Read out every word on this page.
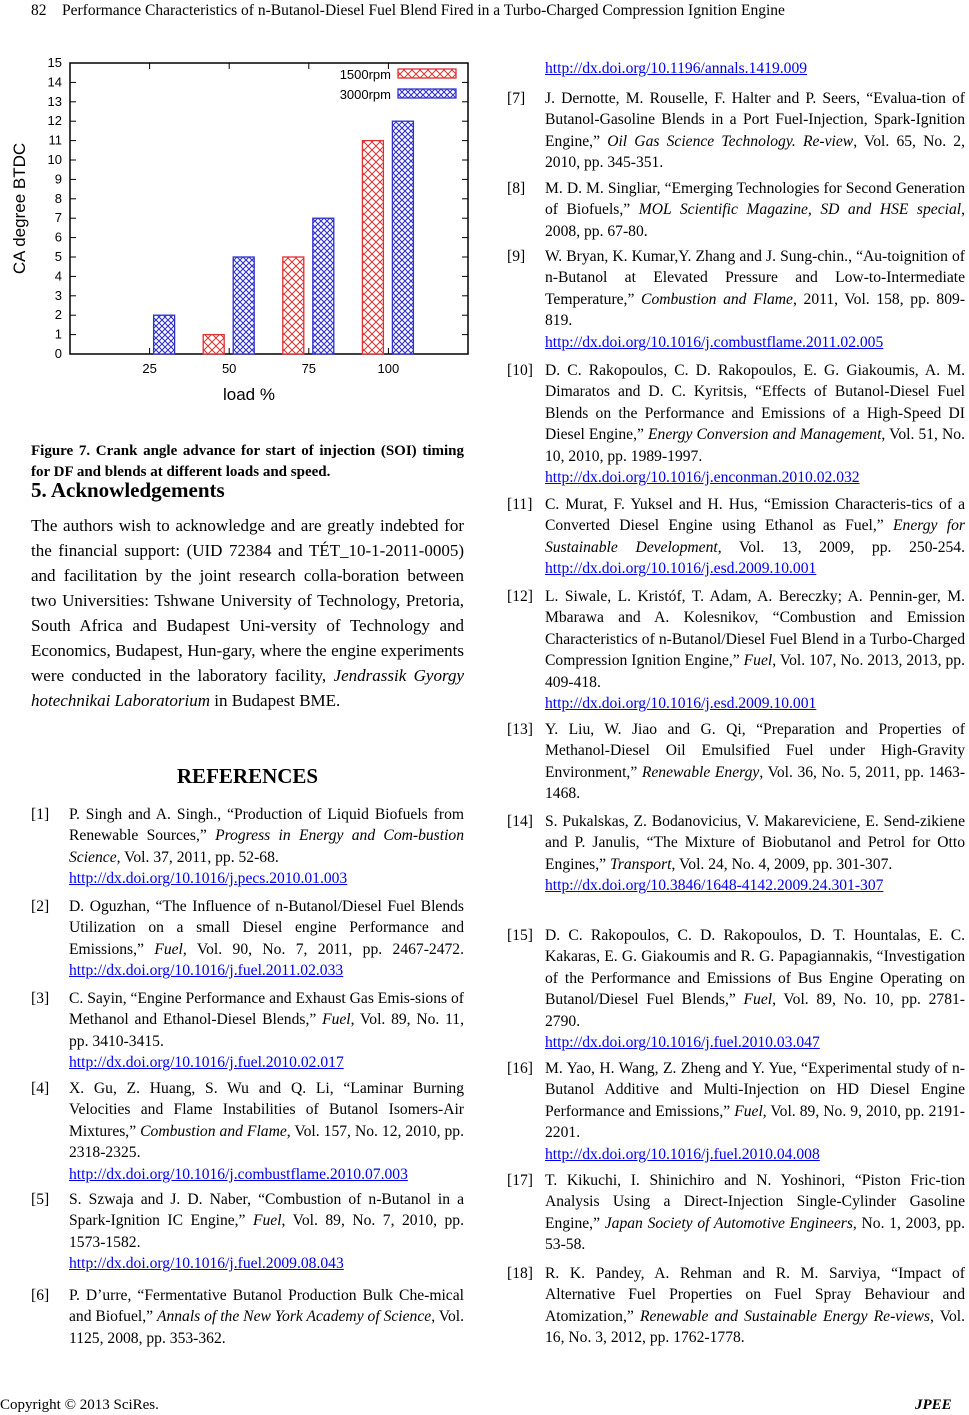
82 Performance Characteristics of n-Butanol-Diesel Fuel Blend Fired in a Turbo-Charged Compression Ignition Engine
0
1
2
3
4
5
6
7
8
9
10
11
12
13
14
15
25	50	75	100
load %
CA degree BTDC
1500rpm
3000rpm
Figure 7. Crank angle advance for start of injection (SOI) timing for DF and blends at different loads and speed.
5. Acknowledgements
The authors wish to acknowledge and are greatly indebted for the financial support: (UID 72384 and TÉT_10-1-2011-0005) and facilitation by the joint research colla-boration between two Universities: Tshwane University of Technology, Pretoria, South Africa and Budapest Uni-versity of Technology and Economics, Budapest, Hun-gary, where the engine experiments were conducted in the laboratory facility, Jendrassik Gyorgy hotechnikai Laboratorium in Budapest BME.
REFERENCES
http://dx.doi.org/10.1196/annals.1419.009
[1] P. Singh and A. Singh., “Production of Liquid Biofuels from Renewable Sources,” Progress in Energy and Com-bustion Science, Vol. 37, 2011, pp. 52-68.
http://dx.doi.org/10.1016/j.pecs.2010.01.003
[2] D. Oguzhan, “The Influence of n-Butanol/Diesel Fuel Blends Utilization on a small Diesel engine Performance and Emissions,” Fuel, Vol. 90, No. 7, 2011, pp. 2467-2472. http://dx.doi.org/10.1016/j.fuel.2011.02.033
[3] C. Sayin, “Engine Performance and Exhaust Gas Emis-sions of Methanol and Ethanol-Diesel Blends,” Fuel, Vol. 89, No. 11, pp. 3410-3415.
http://dx.doi.org/10.1016/j.fuel.2010.02.017
[4] X. Gu, Z. Huang, S. Wu and Q. Li, “Laminar Burning Velocities and Flame Instabilities of Butanol Isomers-Air Mixtures,” Combustion and Flame, Vol. 157, No. 12, 2010, pp. 2318-2325.
http://dx.doi.org/10.1016/j.combustflame.2010.07.003
[5] S. Szwaja and J. D. Naber, “Combustion of n-Butanol in a Spark-Ignition IC Engine,” Fuel, Vol. 89, No. 7, 2010, pp. 1573-1582.
http://dx.doi.org/10.1016/j.fuel.2009.08.043
[6] P. D’urre, “Fermentative Butanol Production Bulk Che-mical and Biofuel,” Annals of the New York Academy of Science, Vol. 1125, 2008, pp. 353-362.
[7] J. Dernotte, M. Rouselle, F. Halter and P. Seers, “Evalua-tion of Butanol-Gasoline Blends in a Port Fuel-Injection, Spark-Ignition Engine,” Oil Gas Science Technology. Re-view, Vol. 65, No. 2, 2010, pp. 345-351.
[8] M. D. M. Singliar, “Emerging Technologies for Second Generation of Biofuels,” MOL Scientific Magazine, SD and HSE special, 2008, pp. 67-80.
[9] W. Bryan, K. Kumar,Y. Zhang and J. Sung-chin., “Au-toignition of n-Butanol at Elevated Pressure and Low-to-Intermediate Temperature,” Combustion and Flame, 2011, Vol. 158, pp. 809-819.
http://dx.doi.org/10.1016/j.combustflame.2011.02.005
[10] D. C. Rakopoulos, C. D. Rakopoulos, E. G. Giakoumis, A. M. Dimaratos and D. C. Kyritsis, “Effects of Butanol-Diesel Fuel Blends on the Performance and Emissions of a High-Speed DI Diesel Engine,” Energy Conversion and Management, Vol. 51, No. 10, 2010, pp. 1989-1997.
http://dx.doi.org/10.1016/j.enconman.2010.02.032
[11] C. Murat, F. Yuksel and H. Hus, “Emission Characteris-tics of a Converted Diesel Engine using Ethanol as Fuel,” Energy for Sustainable Development, Vol. 13, 2009, pp. 250-254. http://dx.doi.org/10.1016/j.esd.2009.10.001
[12] L. Siwale, L. Kristóf, T. Adam, A. Bereczky; A. Pennin-ger, M. Mbarawa and A. Kolesnikov, “Combustion and Emission Characteristics of n-Butanol/Diesel Fuel Blend in a Turbo-Charged Compression Ignition Engine,” Fuel, Vol. 107, No. 2013, 2013, pp. 409-418.
http://dx.doi.org/10.1016/j.esd.2009.10.001
[13] Y. Liu, W. Jiao and G. Qi, “Preparation and Properties of Methanol-Diesel Oil Emulsified Fuel under High-Gravity Environment,” Renewable Energy, Vol. 36, No. 5, 2011, pp. 1463-1468.
[14] S. Pukalskas, Z. Bodanovicius, V. Makareviciene, E. Send-zikiene and P. Janulis, “The Mixture of Biobutanol and Petrol for Otto Engines,” Transport, Vol. 24, No. 4, 2009, pp. 301-307.
http://dx.doi.org/10.3846/1648-4142.2009.24.301-307
[15] D. C. Rakopoulos, C. D. Rakopoulos, D. T. Hountalas, E. C. Kakaras, E. G. Giakoumis and R. G. Papagiannakis, “Investigation of the Performance and Emissions of Bus Engine Operating on Butanol/Diesel Fuel Blends,” Fuel, Vol. 89, No. 10, pp. 2781-2790.
http://dx.doi.org/10.1016/j.fuel.2010.03.047
[16] M. Yao, H. Wang, Z. Zheng and Y. Yue, “Experimental study of n-Butanol Additive and Multi-Injection on HD Diesel Engine Performance and Emissions,” Fuel, Vol. 89, No. 9, 2010, pp. 2191-2201.
http://dx.doi.org/10.1016/j.fuel.2010.04.008
[17] T. Kikuchi, I. Shinichiro and N. Yoshinori, “Piston Fric-tion Analysis Using a Direct-Injection Single-Cylinder Gasoline Engine,” Japan Society of Automotive Engineers, No. 1, 2003, pp. 53-58.
[18] R. K. Pandey, A. Rehman and R. M. Sarviya, “Impact of Alternative Fuel Properties on Fuel Spray Behaviour and Atomization,” Renewable and Sustainable Energy Re-views, Vol. 16, No. 3, 2012, pp. 1762-1778.
Copyright © 2013 SciRes.	JPEE
